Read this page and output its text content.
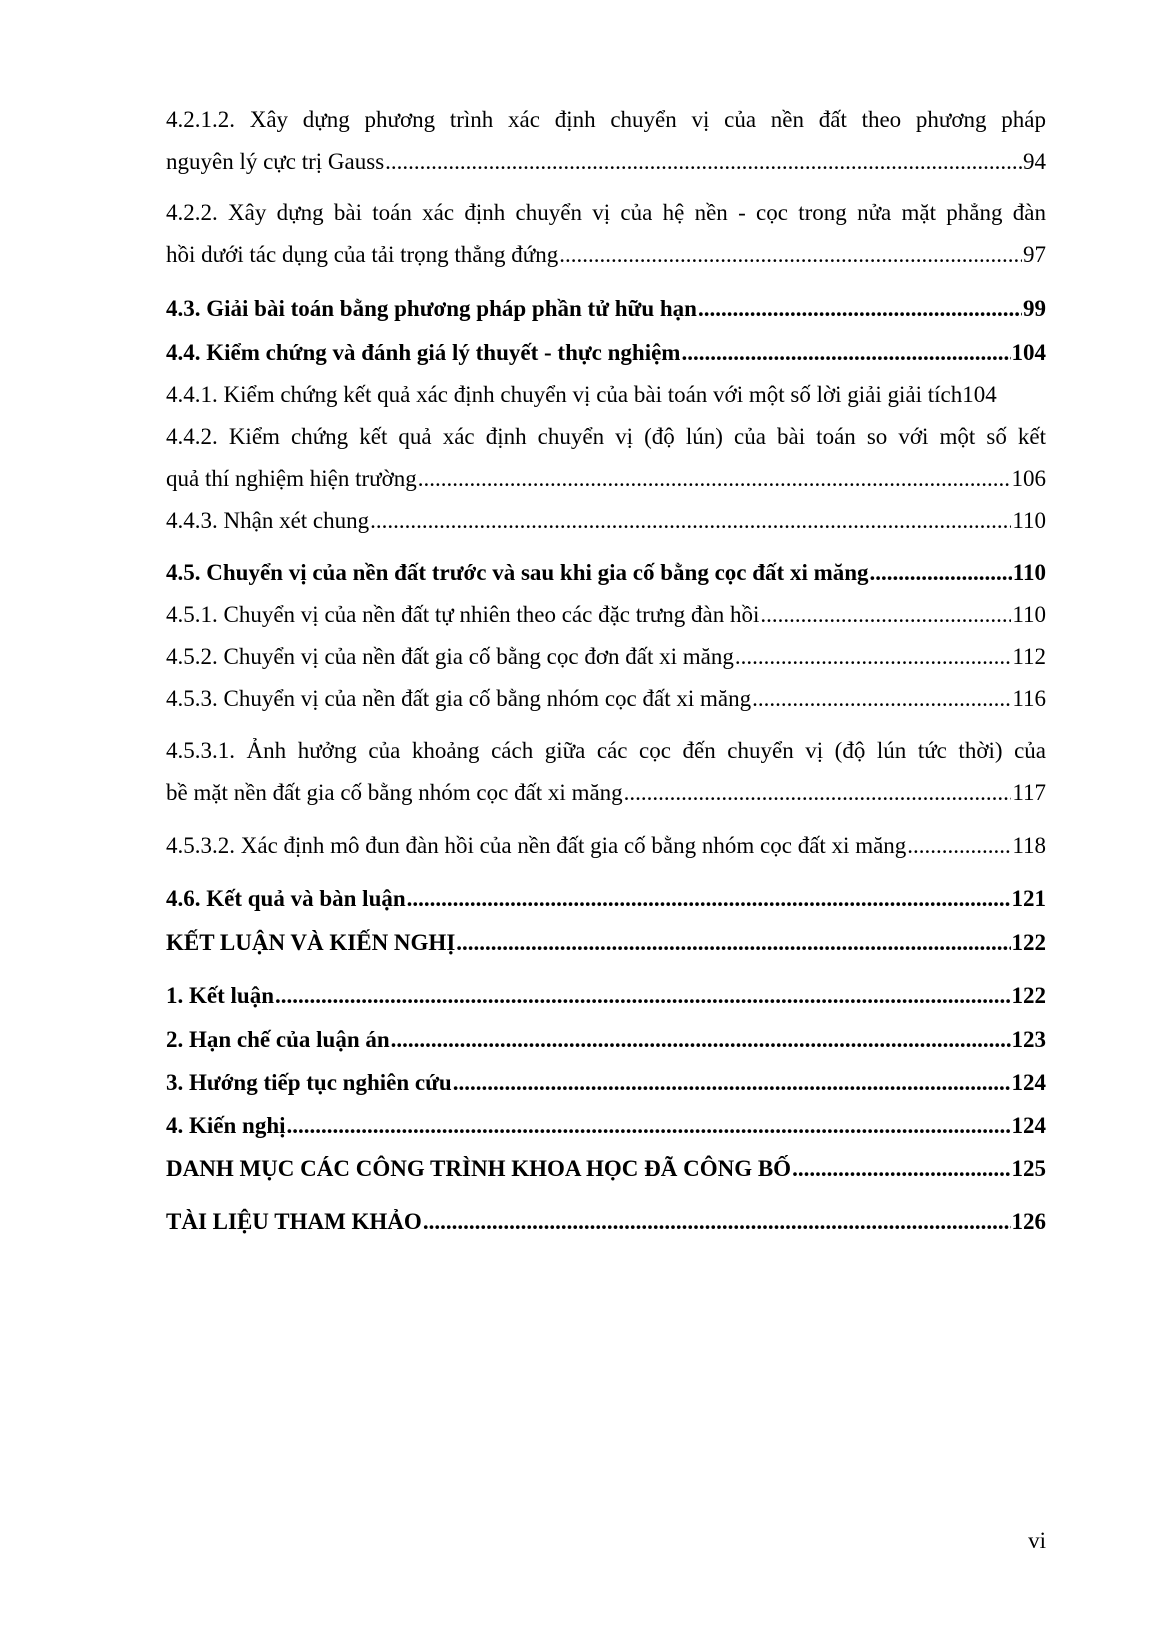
4.2.1.2. Xây dựng phương trình xác định chuyển vị của nền đất theo phương pháp
nguyên lý cực trị Gauss .....	94
4.2.2. Xây dựng bài toán xác định chuyển vị của hệ nền - cọc trong nửa mặt phẳng đàn
hồi dưới tác dụng của tải trọng thẳng đứng .....	97
4.3. Giải bài toán bằng phương pháp phần tử hữu hạn .....	99
4.4. Kiểm chứng và đánh giá lý thuyết - thực nghiệm .....	104
4.4.1. Kiểm chứng kết quả xác định chuyển vị của bài toán với một số lời giải giải tích104
4.4.2. Kiểm chứng kết quả xác định chuyển vị (độ lún) của bài toán so với một số kết
quả thí nghiệm hiện trường .....	106
4.4.3. Nhận xét chung .....	110
4.5. Chuyển vị của nền đất trước và sau khi gia cố bằng cọc đất xi măng .....	110
4.5.1. Chuyển vị của nền đất tự nhiên theo các đặc trưng đàn hồi .....	110
4.5.2. Chuyển vị của nền đất gia cố bằng cọc đơn đất xi măng .....	112
4.5.3. Chuyển vị của nền đất gia cố bằng nhóm cọc đất xi măng .....	116
4.5.3.1. Ảnh hưởng của khoảng cách giữa các cọc đến chuyển vị (độ lún tức thời) của
bề mặt nền đất gia cố bằng nhóm cọc đất xi măng .....	117
4.5.3.2. Xác định mô đun đàn hồi của nền đất gia cố bằng nhóm cọc đất xi măng .....	118
4.6. Kết quả và bàn luận .....	121
KẾT LUẬN VÀ KIẾN NGHỊ .....	122
1. Kết luận .....	122
2. Hạn chế của luận án .....	123
3. Hướng tiếp tục nghiên cứu .....	124
4. Kiến nghị .....	124
DANH MỤC CÁC CÔNG TRÌNH KHOA HỌC ĐÃ CÔNG BỐ .....	125
TÀI LIỆU THAM KHẢO .....	126
vi
